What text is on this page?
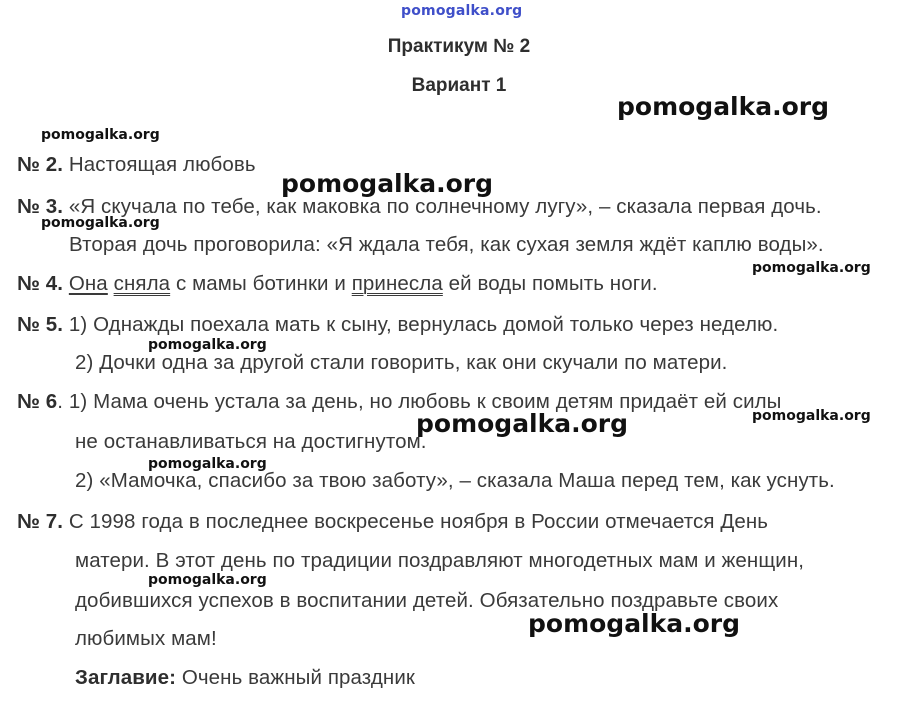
pomogalka.org
Практикум № 2
Вариант 1
pomogalka.org
pomogalka.org
pomogalka.org
pomogalka.org
pomogalka.org
pomogalka.org
pomogalka.org	pomogalka.org
pomogalka.org
pomogalka.org
pomogalka.org
№ 2. Настоящая любовь
№ 3. «Я скучала по тебе, как маковка по солнечному лугу», – сказала первая дочь.
Вторая дочь проговорила: «Я ждала тебя, как сухая земля ждёт каплю воды».
№ 4. Она сняла с мамы ботинки и принесла ей воды помыть ноги.
№ 5. 1) Однажды поехала мать к сыну, вернулась домой только через неделю.
2) Дочки одна за другой стали говорить, как они скучали по матери.
№ 6. 1) Мама очень устала за день, но любовь к своим детям придаёт ей силы
не останавливаться на достигнутом.
2) «Мамочка, спасибо за твою заботу», – сказала Маша перед тем, как уснуть.
№ 7. С 1998 года в последнее воскресенье ноября в России отмечается День
матери. В этот день по традиции поздравляют многодетных мам и женщин,
добившихся успехов в воспитании детей. Обязательно поздравьте своих
любимых мам!
Заглавие: Очень важный праздник
